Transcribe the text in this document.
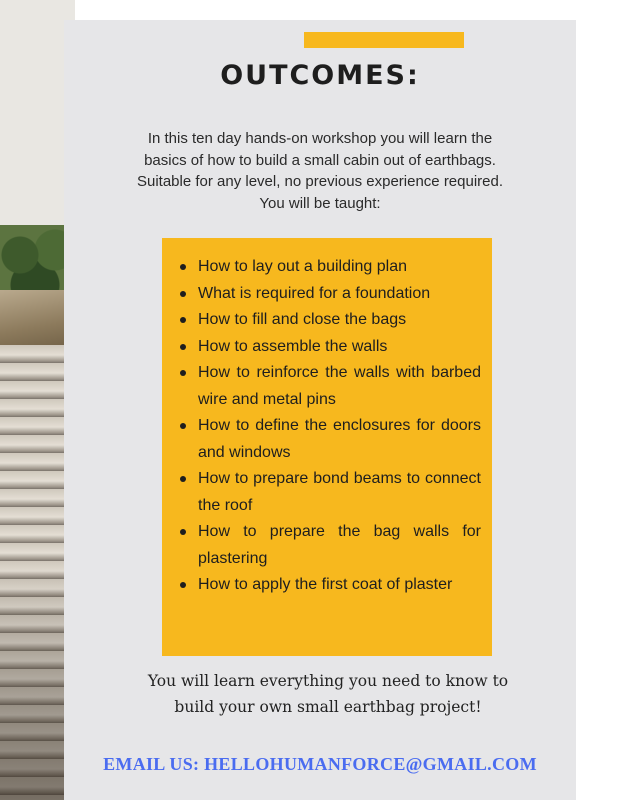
OUTCOMES:
In this ten day hands-on workshop you will learn the
basics of how to build a small cabin out of earthbags.
Suitable for any level, no previous experience required.
You will be taught:
How to lay out a building plan
What is required for a foundation
How to fill and close the bags
How to assemble the walls
How to reinforce the walls with barbed wire and metal pins
How to define the enclosures for doors and windows
How to prepare bond beams to connect the roof
How to prepare the bag walls for plastering
How to apply the first coat of plaster
You will learn everything you need to know to
build your own small earthbag project!
EMAIL US: HELLOHUMANFORCE@GMAIL.COM
